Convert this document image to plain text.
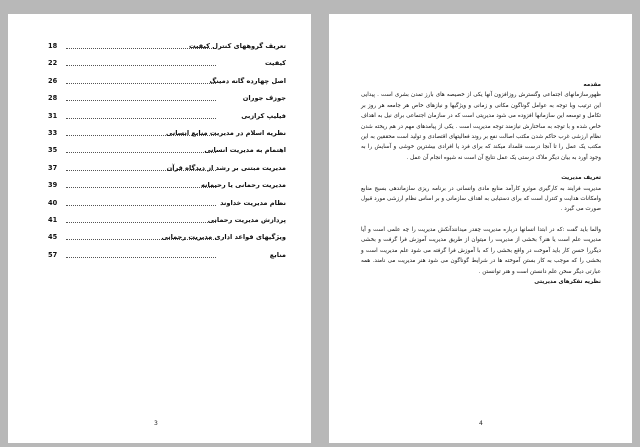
18	تعریف گروههای کنترل کیفیت
22	کیفیت
26	اصل چهارده گانه دمینگ
28	جوزف جوران
31	فیلیپ کرازبی
33	نظریه اسلام در مدیریت منابع انسانی
35	اهتمام به مدیریت انسانی
37	مدیریت مبتنی بر رشد از دیدگاه قرآن
39	مدیریت رحمانی یا رحیمانه
40	نظام مدیریت خداوند
41	پردازش مدیریت رحمانی
45	ویژگیهای قواعد اداری مدیریت رحمانی
57	منابع
3

مقدمه

ظهورسازمانهای اجتماعی وگسترش روزافزون آنها یکی از خصیصه های بارز تمدن بشری است . پیدایی این ترتیب وبا توجه به عوامل گوناگون مکانی و زمانی و ویژگیها و نیازهای خاص هر جامعه هر روز بر تکامل و توسعه این سازمانها افزوده می شود مدیریتی است که در سازمان اجتماعی برای نیل به اهداف خاص شده و با توجه به ساختارش نیازمند توجه مدیریت است . یکی از پیامدهای مهم در هم ریخته شدن نظام ارزشی غرب حاکم شدن مکتب اصالت نفع بر روند فعالیتهای اقتصادی و تولید است محققین به این مکتب یک عمل را تا آنجا درست قلمداد میکند که برای فرد یا افرادی بیشترین خوشی و آسایش را به وجود آورد به بیان دیگر ملاک درستی یک عمل نتایج آن است نه شیوه انجام آن عمل .

تعریف مدیریت

مدیریت فرایند به کارگیری موثرو کارآمد منابع مادی وانسانی در برنامه ریزی سازماندهی بسیج منابع وامکانات هدایت و کنترل است که برای دستیابی به اهداف سازمانی و بر اساس نظام ارزشی مورد قبول صورت می گیرد .

والما باید گفت :که در ابتدا انسانها درباره مدیریت چقدر میدانندآنکش مدیریت را چه علمی است و آیا مدیریت علم است یا هنر؟ بخشی از مدیریت را میتوان از طریق مدیریت آموزش فرا گرفت و بخشی دیگررا حسن کار باید آموخت در واقع بخشی را که با آموزش فرا گرفته می شود علم مدیریت است و بخشی را که موجب به کار بستن آموخته ها در شرایط گوناگون می شود هنر مدیریت می نامند. همه عبارتی دیگر سخن علم دانستن است و هنر توانستن .

نظریه تفکرهای مدیریتی

4
